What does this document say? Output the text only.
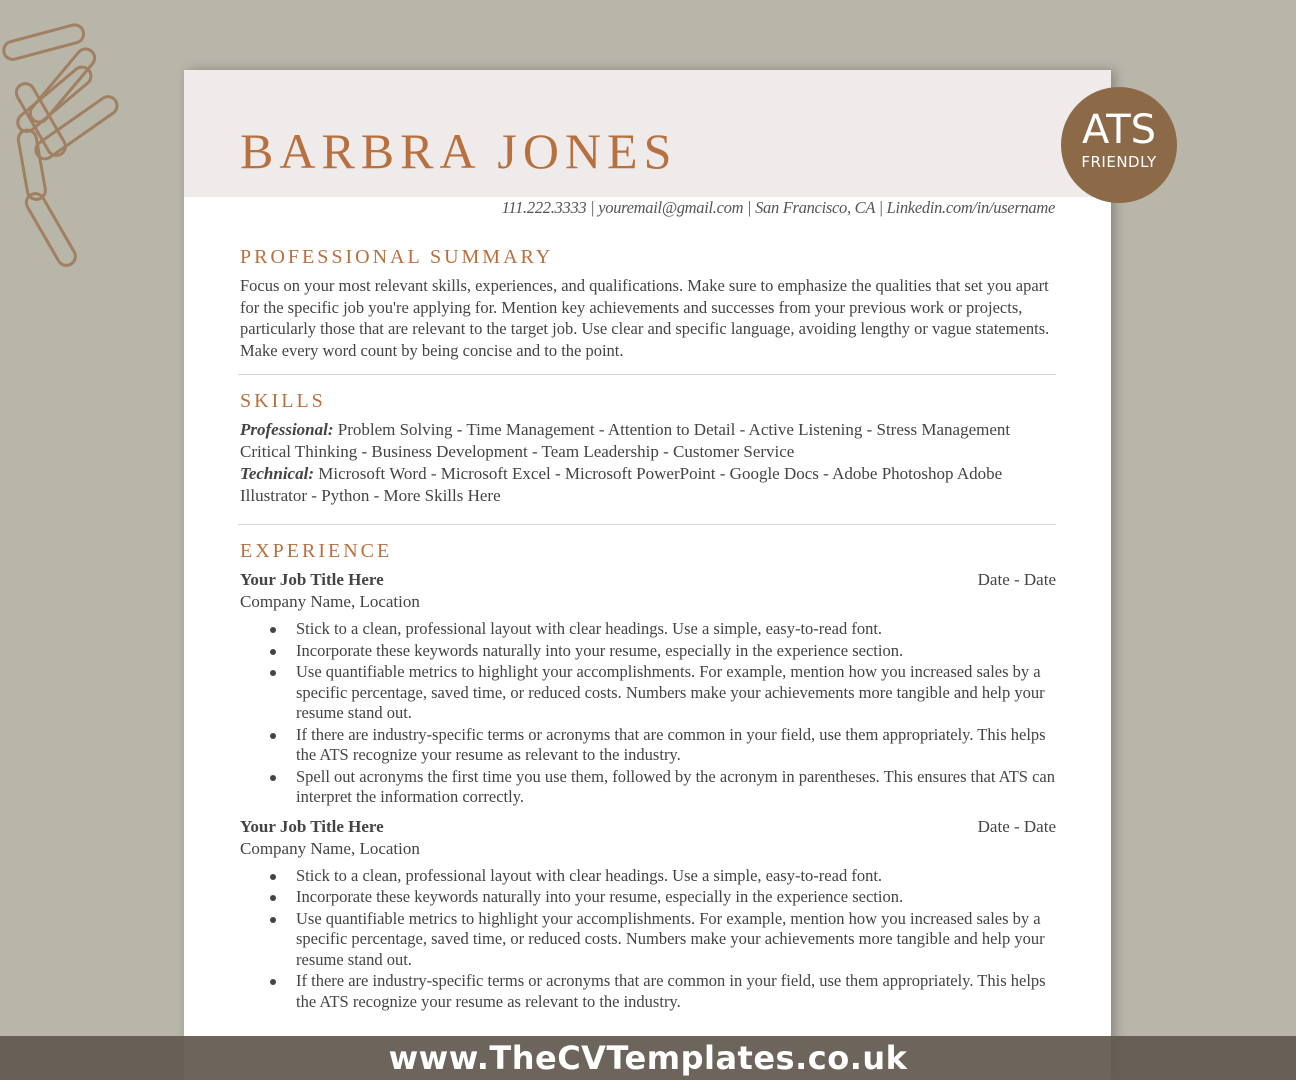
BARBRA JONES
111.222.3333 | youremail@gmail.com | San Francisco, CA | Linkedin.com/in/username
PROFESSIONAL SUMMARY
Focus on your most relevant skills, experiences, and qualifications. Make sure to emphasize the qualities that set you apart for the specific job you're applying for. Mention key achievements and successes from your previous work or projects, particularly those that are relevant to the target job. Use clear and specific language, avoiding lengthy or vague statements. Make every word count by being concise and to the point.
SKILLS
Professional: Problem Solving - Time Management - Attention to Detail - Active Listening - Stress Management Critical Thinking - Business Development - Team Leadership - Customer Service
Technical: Microsoft Word - Microsoft Excel - Microsoft PowerPoint - Google Docs - Adobe Photoshop Adobe Illustrator - Python - More Skills Here
EXPERIENCE
Your Job Title Here	Date - Date
Company Name, Location
Stick to a clean, professional layout with clear headings. Use a simple, easy-to-read font.
Incorporate these keywords naturally into your resume, especially in the experience section.
Use quantifiable metrics to highlight your accomplishments. For example, mention how you increased sales by a specific percentage, saved time, or reduced costs. Numbers make your achievements more tangible and help your resume stand out.
If there are industry-specific terms or acronyms that are common in your field, use them appropriately. This helps the ATS recognize your resume as relevant to the industry.
Spell out acronyms the first time you use them, followed by the acronym in parentheses. This ensures that ATS can interpret the information correctly.
Your Job Title Here	Date - Date
Company Name, Location
Stick to a clean, professional layout with clear headings. Use a simple, easy-to-read font.
Incorporate these keywords naturally into your resume, especially in the experience section.
Use quantifiable metrics to highlight your accomplishments. For example, mention how you increased sales by a specific percentage, saved time, or reduced costs. Numbers make your achievements more tangible and help your resume stand out.
If there are industry-specific terms or acronyms that are common in your field, use them appropriately. This helps the ATS recognize your resume as relevant to the industry.
ATS
FRIENDLY
www.TheCVTemplates.co.uk
